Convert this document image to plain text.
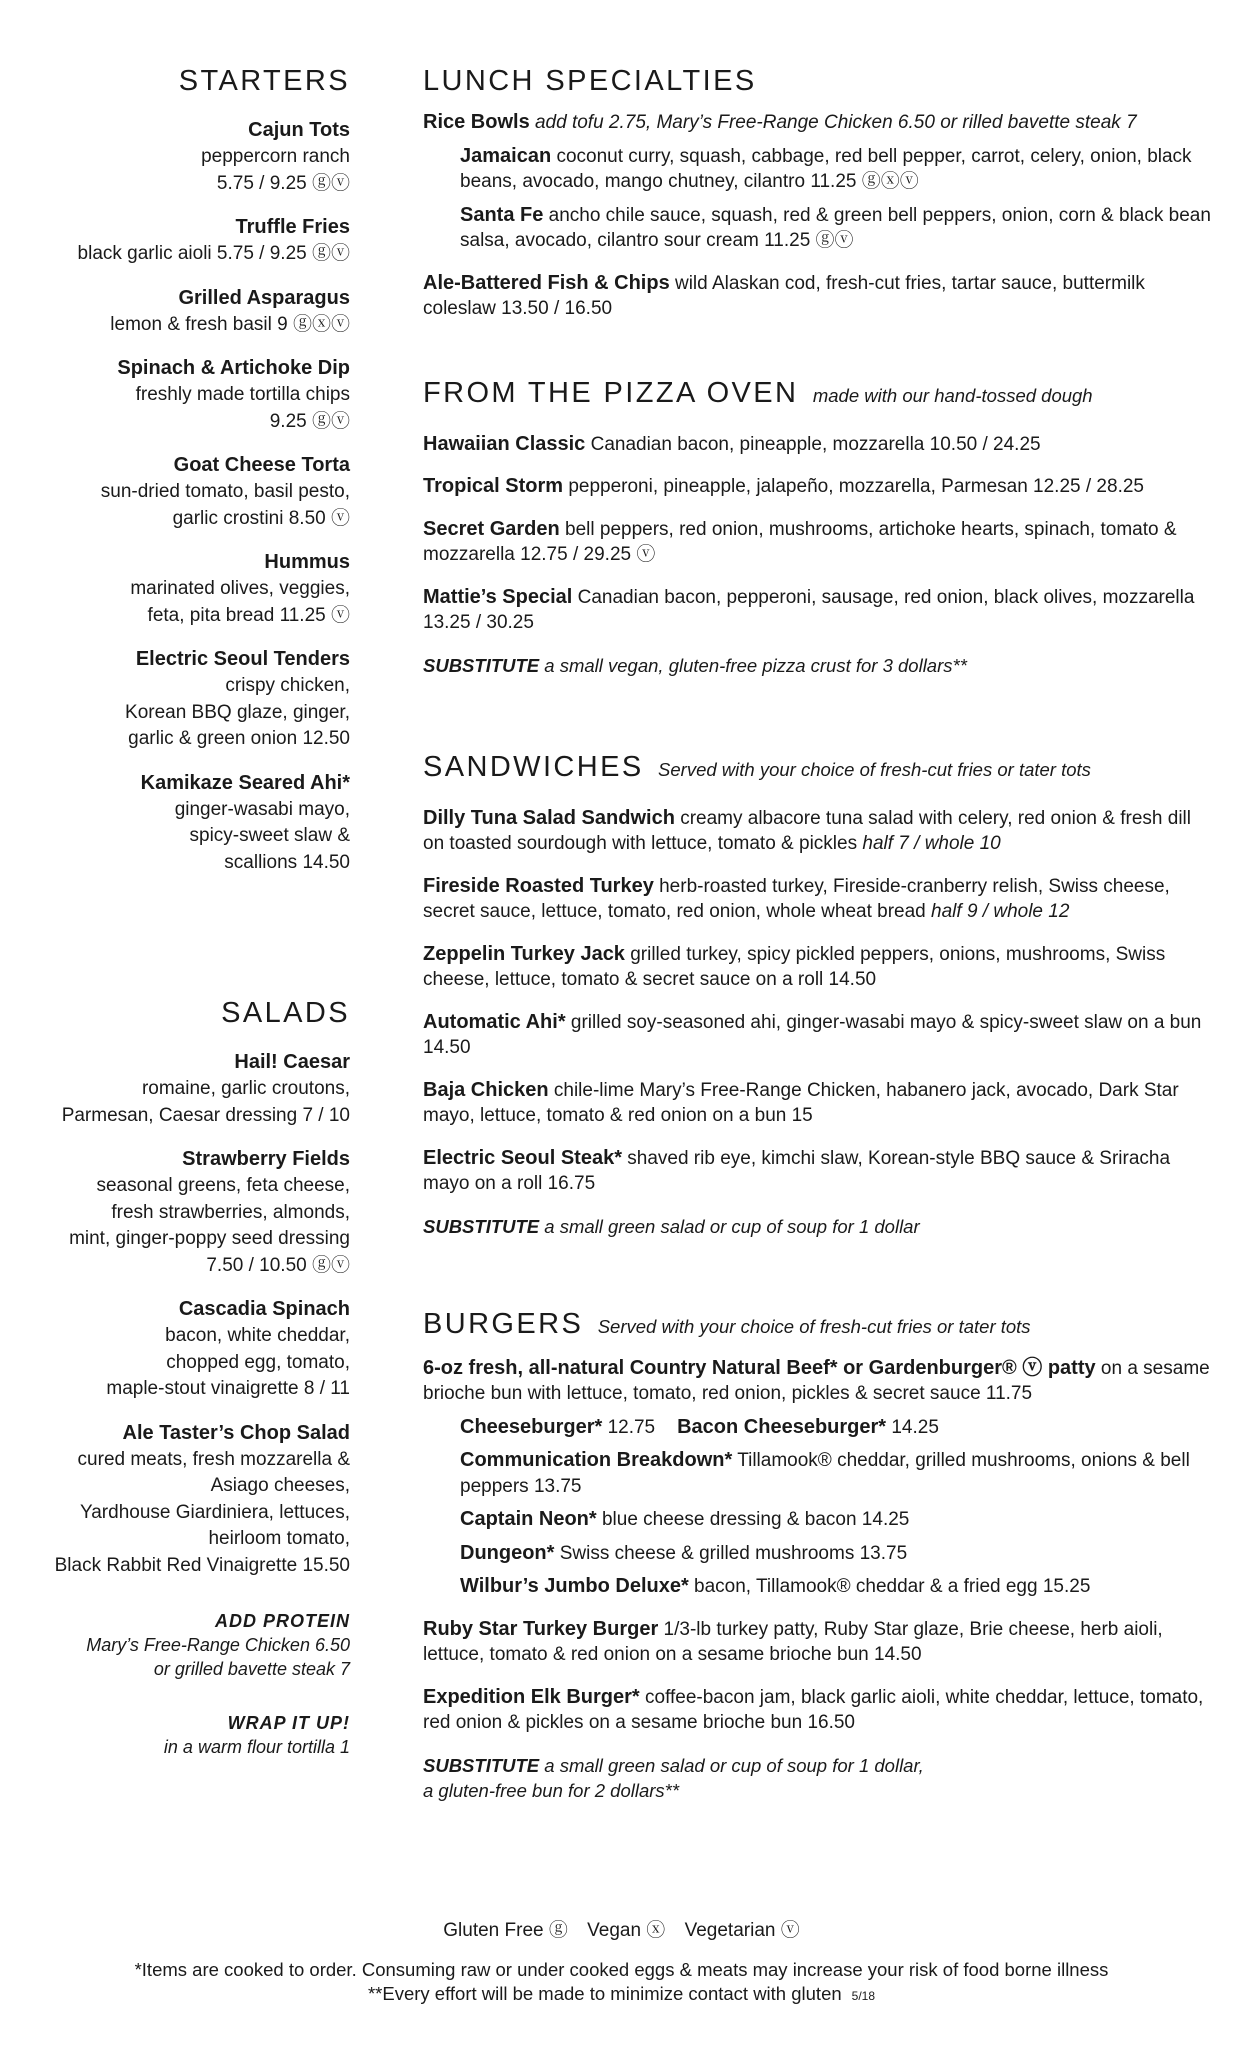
STARTERS
Cajun Tots
peppercorn ranch
5.75 / 9.25 ⓖⓥ
Truffle Fries
black garlic aioli 5.75 / 9.25 ⓖⓥ
Grilled Asparagus
lemon & fresh basil 9 ⓖⓧⓥ
Spinach & Artichoke Dip
freshly made tortilla chips
9.25 ⓖⓥ
Goat Cheese Torta
sun-dried tomato, basil pesto,
garlic crostini 8.50 ⓥ
Hummus
marinated olives, veggies,
feta, pita bread 11.25 ⓥ
Electric Seoul Tenders
crispy chicken,
Korean BBQ glaze, ginger,
garlic & green onion 12.50
Kamikaze Seared Ahi*
ginger-wasabi mayo,
spicy-sweet slaw &
scallions 14.50
SALADS
Hail! Caesar
romaine, garlic croutons,
Parmesan, Caesar dressing 7 / 10
Strawberry Fields
seasonal greens, feta cheese,
fresh strawberries, almonds,
mint, ginger-poppy seed dressing
7.50 / 10.50 ⓖⓥ
Cascadia Spinach
bacon, white cheddar,
chopped egg, tomato,
maple-stout vinaigrette 8 / 11
Ale Taster’s Chop Salad
cured meats, fresh mozzarella &
Asiago cheeses,
Yardhouse Giardiniera, lettuces,
heirloom tomato,
Black Rabbit Red Vinaigrette 15.50
ADD PROTEIN
Mary’s Free-Range Chicken 6.50
or grilled bavette steak 7
WRAP IT UP!
in a warm flour tortilla 1
LUNCH SPECIALTIES
Rice Bowls add tofu 2.75, Mary’s Free-Range Chicken 6.50 or rilled bavette steak 7
Jamaican coconut curry, squash, cabbage, red bell pepper, carrot, celery, onion, black beans, avocado, mango chutney, cilantro 11.25 ⓖⓧⓥ
Santa Fe ancho chile sauce, squash, red & green bell peppers, onion, corn & black bean salsa, avocado, cilantro sour cream 11.25 ⓖⓥ
Ale-Battered Fish & Chips wild Alaskan cod, fresh-cut fries, tartar sauce, buttermilk coleslaw 13.50 / 16.50
FROM THE PIZZA OVEN made with our hand-tossed dough
Hawaiian Classic Canadian bacon, pineapple, mozzarella 10.50 / 24.25
Tropical Storm pepperoni, pineapple, jalapeño, mozzarella, Parmesan 12.25 / 28.25
Secret Garden bell peppers, red onion, mushrooms, artichoke hearts, spinach, tomato & mozzarella 12.75 / 29.25 ⓥ
Mattie’s Special Canadian bacon, pepperoni, sausage, red onion, black olives, mozzarella 13.25 / 30.25
SUBSTITUTE a small vegan, gluten-free pizza crust for 3 dollars**
SANDWICHES Served with your choice of fresh-cut fries or tater tots
Dilly Tuna Salad Sandwich creamy albacore tuna salad with celery, red onion & fresh dill on toasted sourdough with lettuce, tomato & pickles half 7 / whole 10
Fireside Roasted Turkey herb-roasted turkey, Fireside-cranberry relish, Swiss cheese, secret sauce, lettuce, tomato, red onion, whole wheat bread half 9 / whole 12
Zeppelin Turkey Jack grilled turkey, spicy pickled peppers, onions, mushrooms, Swiss cheese, lettuce, tomato & secret sauce on a roll 14.50
Automatic Ahi* grilled soy-seasoned ahi, ginger-wasabi mayo & spicy-sweet slaw on a bun 14.50
Baja Chicken chile-lime Mary’s Free-Range Chicken, habanero jack, avocado, Dark Star mayo, lettuce, tomato & red onion on a bun 15
Electric Seoul Steak* shaved rib eye, kimchi slaw, Korean-style BBQ sauce & Sriracha mayo on a roll 16.75
SUBSTITUTE a small green salad or cup of soup for 1 dollar
BURGERS Served with your choice of fresh-cut fries or tater tots
6-oz fresh, all-natural Country Natural Beef* or Gardenburger® ⓥ patty on a sesame brioche bun with lettuce, tomato, red onion, pickles & secret sauce 11.75
Cheeseburger* 12.75 Bacon Cheeseburger* 14.25
Communication Breakdown* Tillamook® cheddar, grilled mushrooms, onions & bell peppers 13.75
Captain Neon* blue cheese dressing & bacon 14.25
Dungeon* Swiss cheese & grilled mushrooms 13.75
Wilbur’s Jumbo Deluxe* bacon, Tillamook® cheddar & a fried egg 15.25
Ruby Star Turkey Burger 1/3-lb turkey patty, Ruby Star glaze, Brie cheese, herb aioli, lettuce, tomato & red onion on a sesame brioche bun 14.50
Expedition Elk Burger* coffee-bacon jam, black garlic aioli, white cheddar, lettuce, tomato, red onion & pickles on a sesame brioche bun 16.50
SUBSTITUTE a small green salad or cup of soup for 1 dollar,
a gluten-free bun for 2 dollars**
Gluten Free ⓖ Vegan ⓧ Vegetarian ⓥ
*Items are cooked to order. Consuming raw or under cooked eggs & meats may increase your risk of food borne illness
**Every effort will be made to minimize contact with gluten 5/18
